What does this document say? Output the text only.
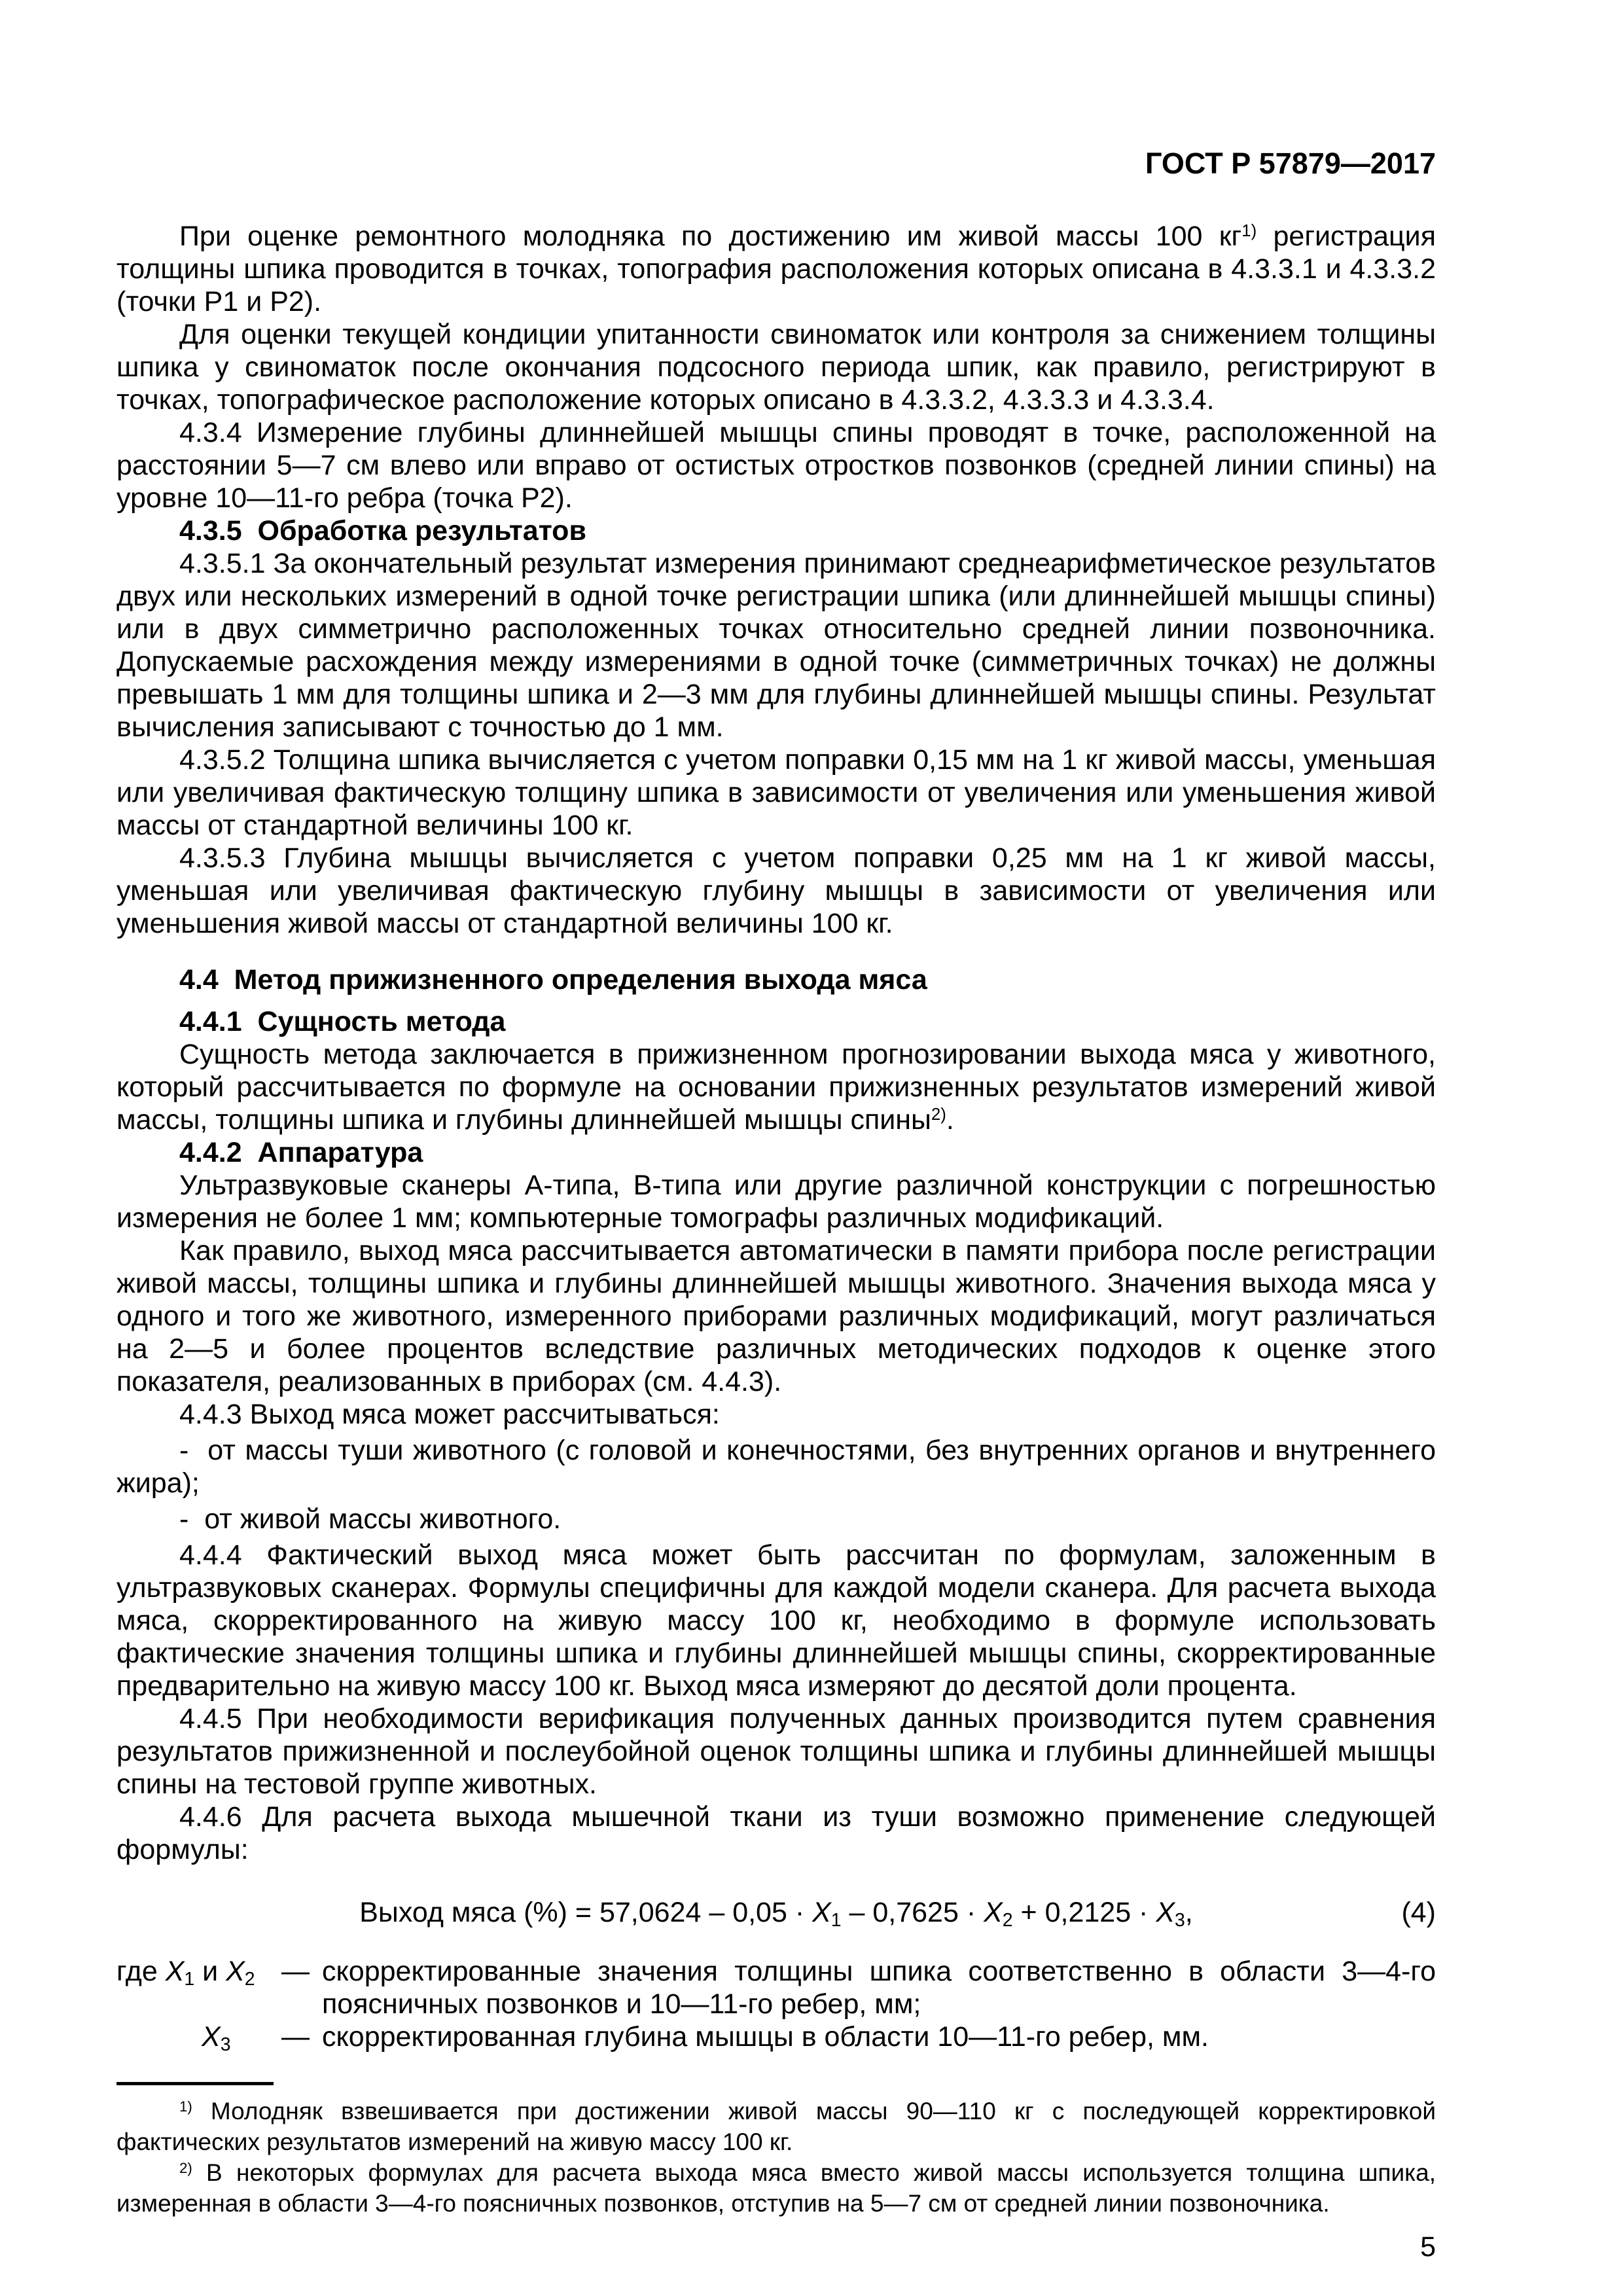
ГОСТ Р 57879—2017

При оценке ремонтного молодняка по достижению им живой массы 100 $кг^{1)}$ регистрация толщины шпика проводится в точках, топография расположения которых описана в 4.3.3.1 и 4.3.3.2 (точки Р1 и Р2).

Для оценки текущей кондиции упитанности свиноматок или контроля за снижением толщины шпика у свиноматок после окончания подсосного периода шпик, как правило, регистрируют в точках, топографическое расположение которых описано в 4.3.3.2, 4.3.3.3 и 4.3.3.4.

4.3.4 Измерение глубины длиннейшей мышцы спины проводят в точке, расположенной на расстоянии 5—7 см влево или вправо от остистых отростков позвонков (средней линии спины) на уровне 10—11-го ребра (точка Р2).

4.3.5  Обработка результатов

4.3.5.1 За окончательный результат измерения принимают среднеарифметическое результатов двух или нескольких измерений в одной точке регистрации шпика (или длиннейшей мышцы спины) или в двух симметрично расположенных точках относительно средней линии позвоночника. Допускаемые расхождения между измерениями в одной точке (симметричных точках) не должны превышать 1 мм для толщины шпика и 2—3 мм для глубины длиннейшей мышцы спины. Результат вычисления записывают с точностью до 1 мм.

4.3.5.2 Толщина шпика вычисляется с учетом поправки 0,15 мм на 1 кг живой массы, уменьшая или увеличивая фактическую толщину шпика в зависимости от увеличения или уменьшения живой массы от стандартной величины 100 кг.

4.3.5.3 Глубина мышцы вычисляется с учетом поправки 0,25 мм на 1 кг живой массы, уменьшая или увеличивая фактическую глубину мышцы в зависимости от увеличения или уменьшения живой массы от стандартной величины 100 кг.

4.4  Метод прижизненного определения выхода мяса

4.4.1  Сущность метода

Сущность метода заключается в прижизненном прогнозировании выхода мяса у животного, который рассчитывается по формуле на основании прижизненных результатов измерений живой массы, толщины шпика и глубины длиннейшей мышцы спины$^{2)}$.

4.4.2  Аппаратура

Ультразвуковые сканеры А-типа, В-типа или другие различной конструкции с погрешностью измерения не более 1 мм; компьютерные томографы различных модификаций.

Как правило, выход мяса рассчитывается автоматически в памяти прибора после регистрации живой массы, толщины шпика и глубины длиннейшей мышцы животного. Значения выхода мяса у одного и того же животного, измеренного приборами различных модификаций, могут различаться на 2—5 и более процентов вследствие различных методических подходов к оценке этого показателя, реализованных в приборах (см. 4.4.3).

4.4.3 Выход мяса может рассчитываться:

-  от массы туши животного (с головой и конечностями, без внутренних органов и внутреннего жира);

-  от живой массы животного.

4.4.4 Фактический выход мяса может быть рассчитан по формулам, заложенным в ультразвуковых сканерах. Формулы специфичны для каждой модели сканера. Для расчета выхода мяса, скорректированного на живую массу 100 кг, необходимо в формуле использовать фактические значения толщины шпика и глубины длиннейшей мышцы спины, скорректированные предварительно на живую массу 100 кг. Выход мяса измеряют до десятой доли процента.

4.4.5 При необходимости верификация полученных данных производится путем сравнения результатов прижизненной и послеубойной оценок толщины шпика и глубины длиннейшей мышцы спины на тестовой группе животных.

4.4.6 Для расчета выхода мышечной ткани из туши возможно применение следующей формулы:

Выход мяса (%) = $57,0624 - 0,05 \cdot X_1 - 0,7625 \cdot X_2 + 0,2125 \cdot X_3$,	(4)
где $X_1$ и $X_2$ — скорректированные значения толщины шпика соответственно в области 3—4-го поясничных позвонков и 10—11-го ребер, мм;
$X_3$	— скорректированная глубина мышцы в области 10—11-го ребер, мм.

$^{1)}$ Молодняк взвешивается при достижении живой массы 90—110 кг с последующей корректировкой фактических результатов измерений на живую массу 100 кг.

$^{2)}$ В некоторых формулах для расчета выхода мяса вместо живой массы используется толщина шпика, измеренная в области 3—4-го поясничных позвонков, отступив на 5—7 см от средней линии позвоночника.

5
